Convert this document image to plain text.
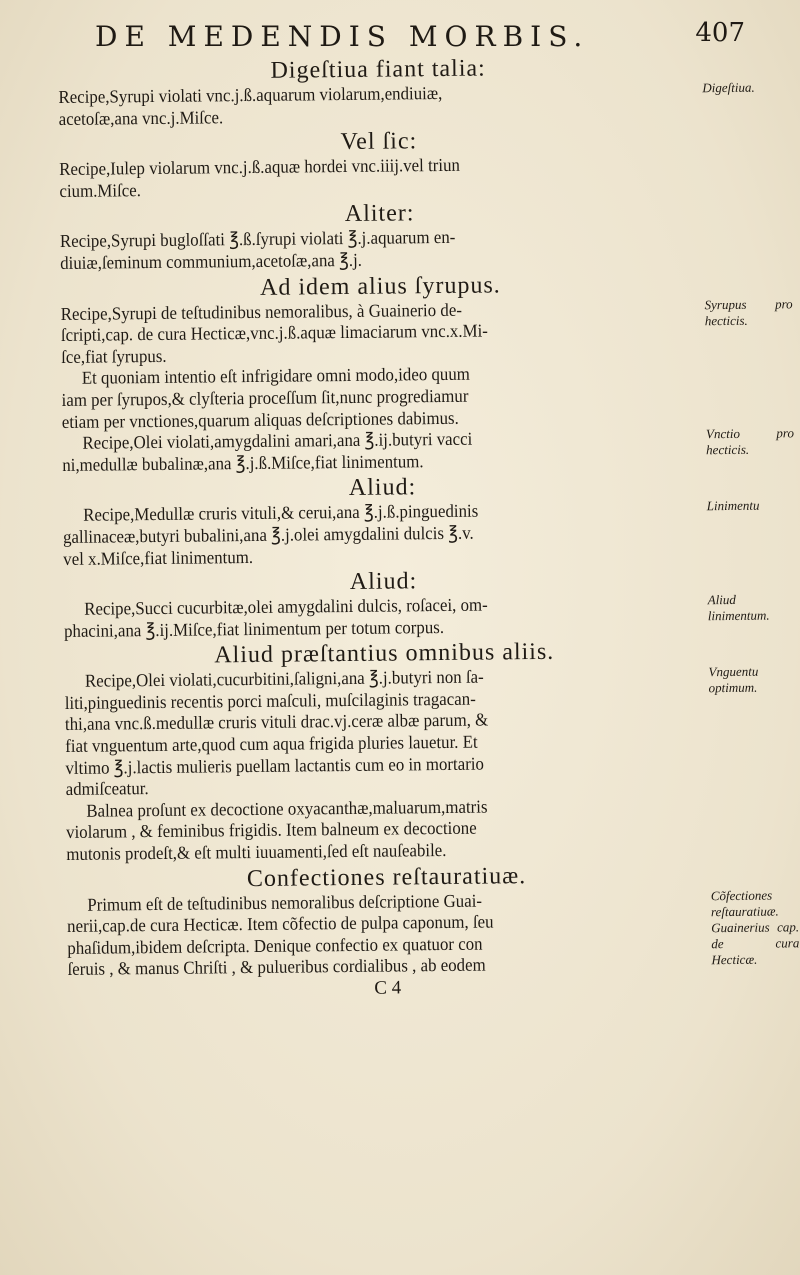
DE MEDENDIS MORBIS.	407
Digeſtiua fiant talia:
Recipe,Syrupi violati vnc.j.ß.aquarum violarum,endiuiæ,
acetoſæ,ana vnc.j.Miſce.
Digeſtiua.
Vel ſic:
Recipe,Iulep violarum vnc.j.ß.aquæ hordei vnc.iiij.vel triun
cium.Miſce.
Aliter:
Recipe,Syrupi bugloſſati ℥.ß.ſyrupi violati ℥.j.aquarum en-
diuiæ,ſeminum communium,acetoſæ,ana ℥.j.
Ad idem alius ſyrupus.
Recipe,Syrupi de teſtudinibus nemoralibus, à Guainerio de-
ſcripti,cap. de cura Hecticæ,vnc.j.ß.aquæ limaciarum vnc.x.Mi-
ſce,fiat ſyrupus.
Syrupus pro hecticis.
Et quoniam intentio eſt infrigidare omni modo,ideo quum
iam per ſyrupos,& clyſteria proceſſum ſit,nunc progrediamur
etiam per vnctiones,quarum aliquas deſcriptiones dabimus.
Recipe,Olei violati,amygdalini amari,ana ℥.ij.butyri vacci
ni,medullæ bubalinæ,ana ℥.j.ß.Miſce,fiat linimentum.
Vnctio pro hecticis.
Aliud:
Recipe,Medullæ cruris vituli,& cerui,ana ℥.j.ß.pinguedinis
gallinaceæ,butyri bubalini,ana ℥.j.olei amygdalini dulcis ℥.v.
vel x.Miſce,fiat linimentum.
Linimentu
Aliud:
Recipe,Succi cucurbitæ,olei amygdalini dulcis, roſacei, om-
phacini,ana ℥.ij.Miſce,fiat linimentum per totum corpus.
Aliud linimentum.
Aliud præſtantius omnibus aliis.
Recipe,Olei violati,cucurbitini,ſaligni,ana ℥.j.butyri non ſa-
liti,pinguedinis recentis porci maſculi, muſcilaginis tragacan-
thi,ana vnc.ß.medullæ cruris vituli drac.vj.ceræ albæ parum, &
fiat vnguentum arte,quod cum aqua frigida pluries lauetur. Et
vltimo ℥.j.lactis mulieris puellam lactantis cum eo in mortario
admiſceatur.
Vnguentu optimum.
Balnea proſunt ex decoctione oxyacanthæ,maluarum,matris
violarum , & feminibus frigidis. Item balneum ex decoctione
mutonis prodeſt,& eſt multi iuuamenti,ſed eſt nauſeabile.
Confectiones reſtauratiuæ.
Primum eſt de teſtudinibus nemoralibus deſcriptione Guai-
nerii,cap.de cura Hecticæ. Item cõfectio de pulpa caponum, ſeu
phaſidum,ibidem deſcripta. Denique confectio ex quatuor con
ſeruis , & manus Chriſti , & pulueribus cordialibus , ab eodem
Cõfectiones reſtauratiuæ. Guainerius cap. de cura Hecticæ.
C 4
